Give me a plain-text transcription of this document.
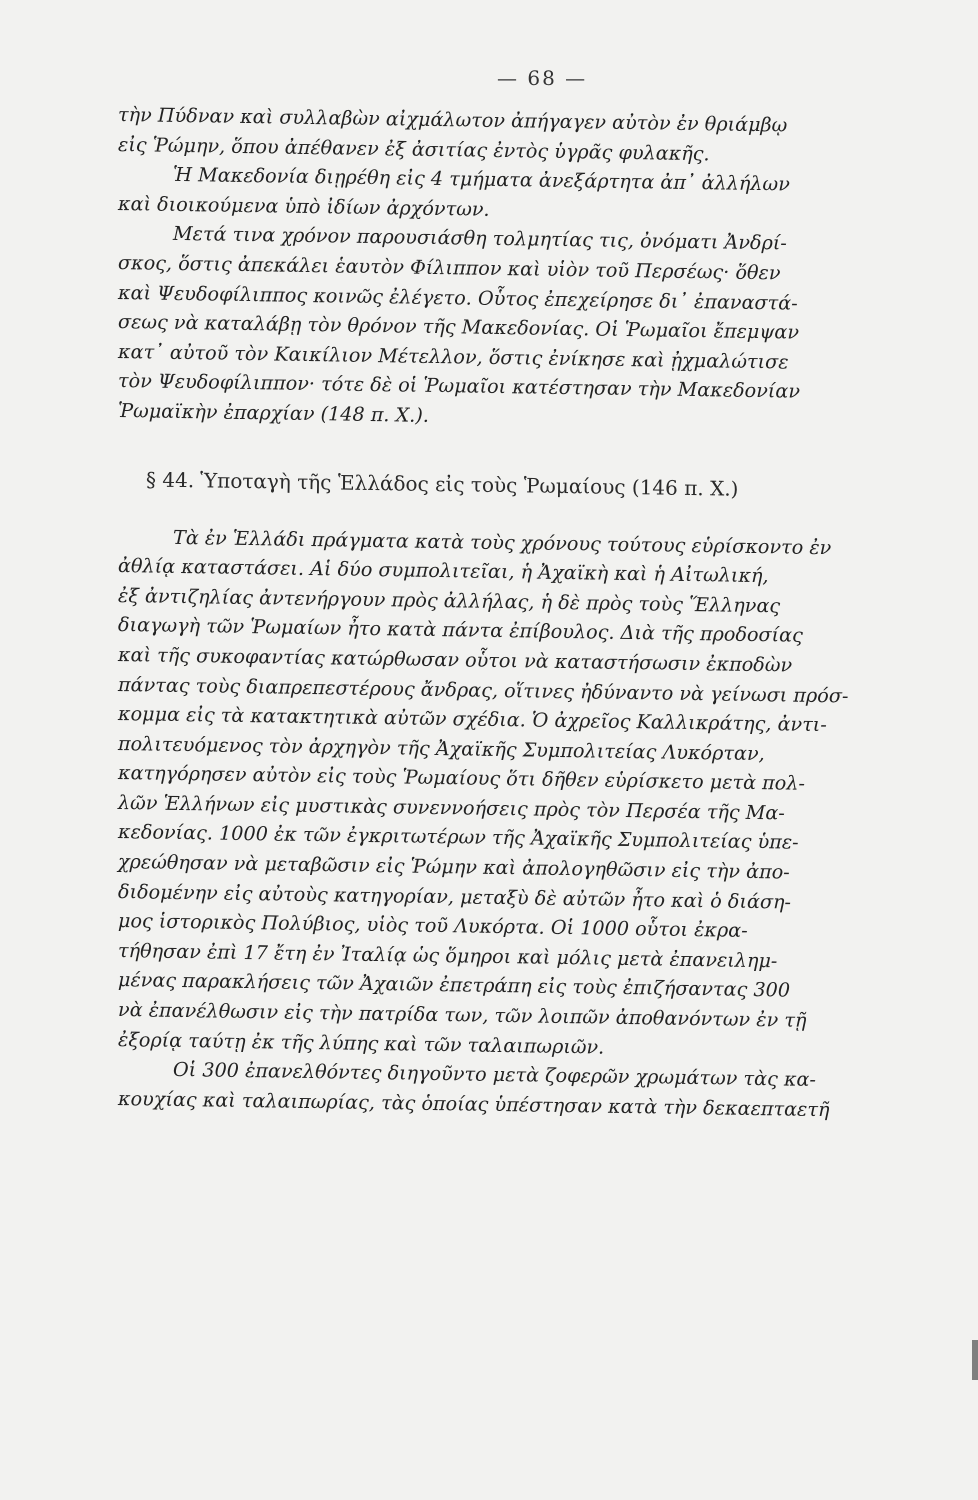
— 68 —
τὴν Πύδναν καὶ συλλαβὼν αἰχμάλωτον ἀπήγαγεν αὐτὸν ἐν θριάμβῳ
εἰς Ῥώμην, ὅπου ἀπέθανεν ἐξ ἀσιτίας ἐντὸς ὑγρᾶς φυλακῆς.
Ἡ Μακεδονία διῃρέθη εἰς 4 τμήματα ἀνεξάρτητα ἀπ᾿ ἀλλήλων
καὶ διοικούμενα ὑπὸ ἰδίων ἀρχόντων.
Μετά τινα χρόνον παρουσιάσθη τολμητίας τις, ὀνόματι Ἀνδρί-
σκος, ὅστις ἀπεκάλει ἑαυτὸν Φίλιππον καὶ υἱὸν τοῦ Περσέως· ὅθεν
καὶ Ψευδοφίλιππος κοινῶς ἐλέγετο. Οὗτος ἐπεχείρησε δι᾿ ἐπαναστά-
σεως νὰ καταλάβῃ τὸν θρόνον τῆς Μακεδονίας. Οἱ Ῥωμαῖοι ἔπεμψαν
κατ᾿ αὐτοῦ τὸν Καικίλιον Μέτελλον, ὅστις ἐνίκησε καὶ ᾐχμαλώτισε
τὸν Ψευδοφίλιππον· τότε δὲ οἱ Ῥωμαῖοι κατέστησαν τὴν Μακεδονίαν
Ῥωμαϊκὴν ἐπαρχίαν (148 π. Χ.).
§ 44. Ὑποταγὴ τῆς Ἑλλάδος εἰς τοὺς Ῥωμαίους (146 π. Χ.)
Τὰ ἐν Ἑλλάδι πράγματα κατὰ τοὺς χρόνους τούτους εὑρίσκοντο ἐν
ἀθλίᾳ καταστάσει. Αἱ δύο συμπολιτεῖαι, ἡ Ἀχαϊκὴ καὶ ἡ Αἰτωλική,
ἐξ ἀντιζηλίας ἀντενήργουν πρὸς ἀλλήλας, ἡ δὲ πρὸς τοὺς Ἕλληνας
διαγωγὴ τῶν Ῥωμαίων ἦτο κατὰ πάντα ἐπίβουλος. Διὰ τῆς προδοσίας
καὶ τῆς συκοφαντίας κατώρθωσαν οὗτοι νὰ καταστήσωσιν ἐκποδὼν
πάντας τοὺς διαπρεπεστέρους ἄνδρας, οἵτινες ἠδύναντο νὰ γείνωσι πρόσ-
κομμα εἰς τὰ κατακτητικὰ αὐτῶν σχέδια. Ὁ ἀχρεῖος Καλλικράτης, ἀντι-
πολιτευόμενος τὸν ἀρχηγὸν τῆς Ἀχαϊκῆς Συμπολιτείας Λυκόρταν,
κατηγόρησεν αὐτὸν εἰς τοὺς Ῥωμαίους ὅτι δῆθεν εὑρίσκετο μετὰ πολ-
λῶν Ἑλλήνων εἰς μυστικὰς συνεννοήσεις πρὸς τὸν Περσέα τῆς Μα-
κεδονίας. 1000 ἐκ τῶν ἐγκριτωτέρων τῆς Ἀχαϊκῆς Συμπολιτείας ὑπε-
χρεώθησαν νὰ μεταβῶσιν εἰς Ῥώμην καὶ ἀπολογηθῶσιν εἰς τὴν ἀπο-
διδομένην εἰς αὐτοὺς κατηγορίαν, μεταξὺ δὲ αὐτῶν ἦτο καὶ ὁ διάση-
μος ἱστορικὸς Πολύβιος, υἱὸς τοῦ Λυκόρτα. Οἱ 1000 οὗτοι ἐκρα-
τήθησαν ἐπὶ 17 ἔτη ἐν Ἰταλίᾳ ὡς ὅμηροι καὶ μόλις μετὰ ἐπανειλημ-
μένας παρακλήσεις τῶν Ἀχαιῶν ἐπετράπη εἰς τοὺς ἐπιζήσαντας 300
νὰ ἐπανέλθωσιν εἰς τὴν πατρίδα των, τῶν λοιπῶν ἀποθανόντων ἐν τῇ
ἐξορίᾳ ταύτῃ ἐκ τῆς λύπης καὶ τῶν ταλαιπωριῶν.
Οἱ 300 ἐπανελθόντες διηγοῦντο μετὰ ζοφερῶν χρωμάτων τὰς κα-
κουχίας καὶ ταλαιπωρίας, τὰς ὁποίας ὑπέστησαν κατὰ τὴν δεκαεπταετῆ
